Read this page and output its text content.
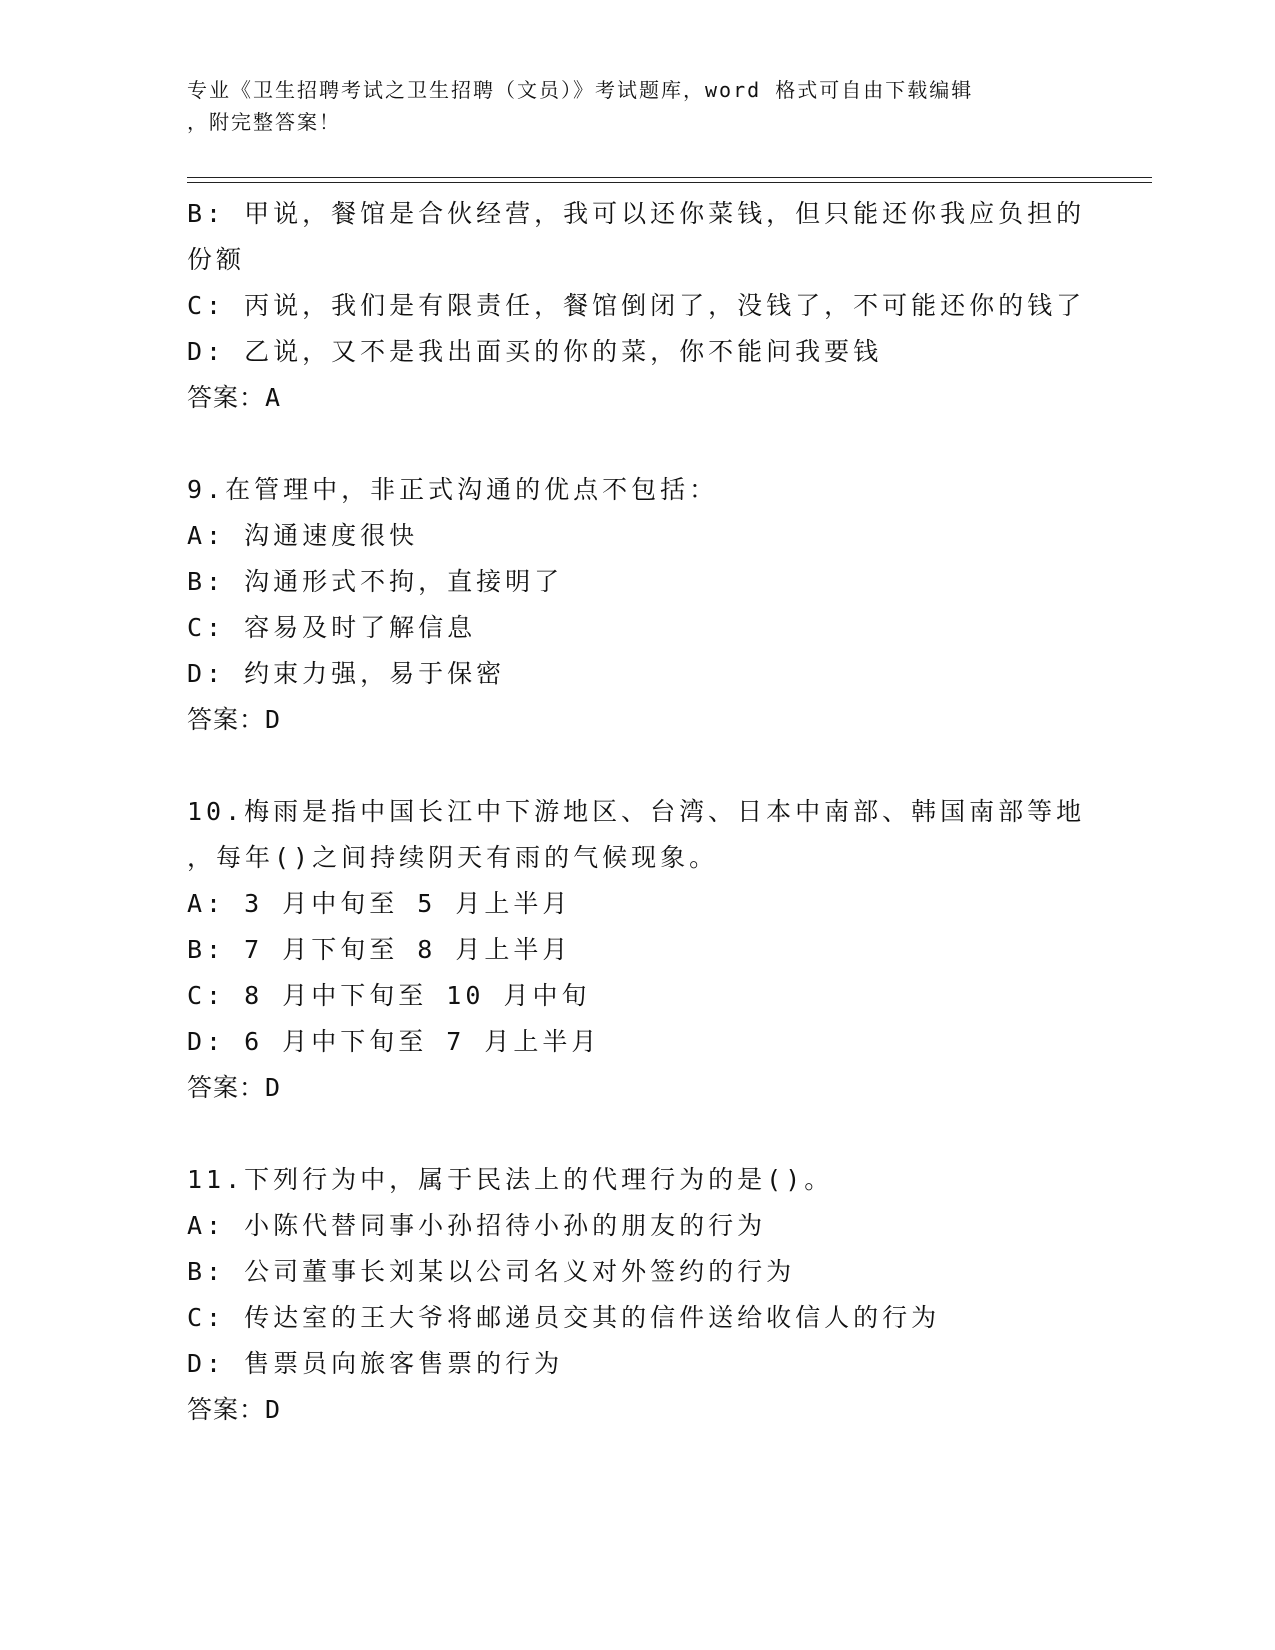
专业《卫生招聘考试之卫生招聘（文员）》考试题库，word 格式可自由下载编辑
，附完整答案！
B: 甲说，餐馆是合伙经营，我可以还你菜钱，但只能还你我应负担的
份额
C: 丙说，我们是有限责任，餐馆倒闭了，没钱了，不可能还你的钱了
D: 乙说，又不是我出面买的你的菜，你不能问我要钱
答案：A
9.在管理中，非正式沟通的优点不包括：
A: 沟通速度很快
B: 沟通形式不拘，直接明了
C: 容易及时了解信息
D: 约束力强，易于保密
答案：D
10.梅雨是指中国长江中下游地区、台湾、日本中南部、韩国南部等地
，每年()之间持续阴天有雨的气候现象。
A: 3 月中旬至 5 月上半月
B: 7 月下旬至 8 月上半月
C: 8 月中下旬至 10 月中旬
D: 6 月中下旬至 7 月上半月
答案：D
11.下列行为中，属于民法上的代理行为的是()。
A: 小陈代替同事小孙招待小孙的朋友的行为
B: 公司董事长刘某以公司名义对外签约的行为
C: 传达室的王大爷将邮递员交其的信件送给收信人的行为
D: 售票员向旅客售票的行为
答案：D
